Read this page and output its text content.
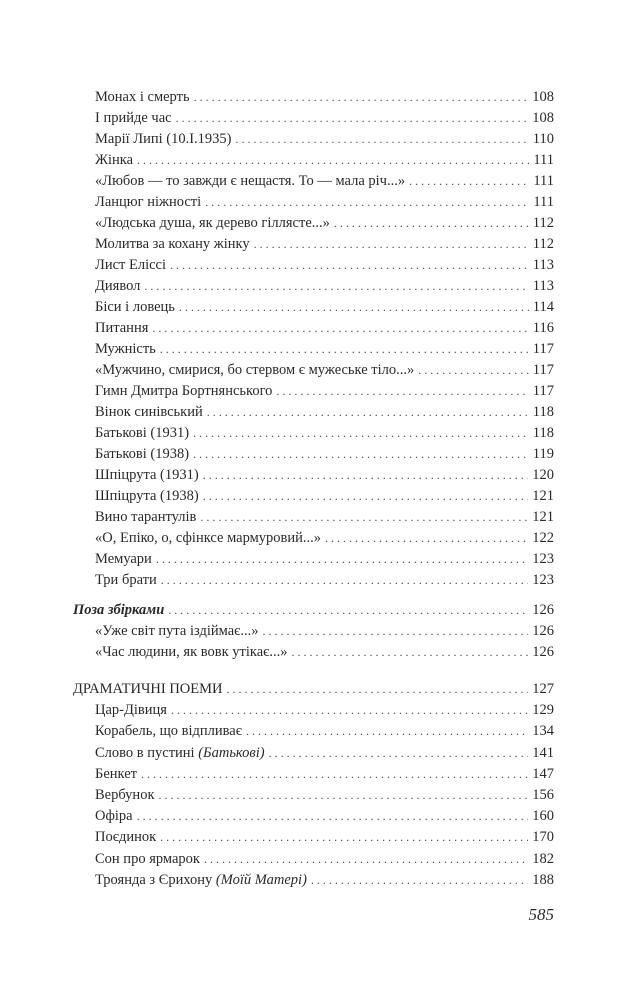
Монах і смерть . . .	108
І прийде час . . .	108
Марії Липі (10.І.1935) . . .	110
Жінка . . .	111
«Любов — то завжди є нещастя. То — мала річ...» . . .	111
Ланцюг ніжності . . .	111
«Людська душа, як дерево гіллясте...» . . .	112
Молитва за кохану жінку . . .	112
Лист Еліссі . . .	113
Диявол . . .	113
Біси і ловець . . .	114
Питання . . .	116
Мужність . . .	117
«Мужчино, смирися, бо стервом є мужеське тіло...» . . .	117
Гимн Дмитра Бортнянського . . .	117
Вінок синівський . . .	118
Батькові (1931) . . .	118
Батькові (1938) . . .	119
Шпіцрута (1931) . . .	120
Шпіцрута (1938) . . .	121
Вино тарантулів . . .	121
«О, Епіко, о, сфінксе мармуровий...» . . .	122
Мемуари . . .	123
Три брати . . .	123
Поза збірками . . .	126
«Уже світ пута іздіймає...» . . .	126
«Час людини, як вовк утікає...» . . .	126
ДРАМАТИЧНІ ПОЕМИ . . .	127
Цар-Дівиця . . .	129
Корабель, що відпливає . . .	134
Слово в пустині (Батькові) . . .	141
Бенкет . . .	147
Вербунок . . .	156
Офіра . . .	160
Поєдинок . . .	170
Сон про ярмарок . . .	182
Троянда з Єрихону (Моїй Матері) . . .	188
585
